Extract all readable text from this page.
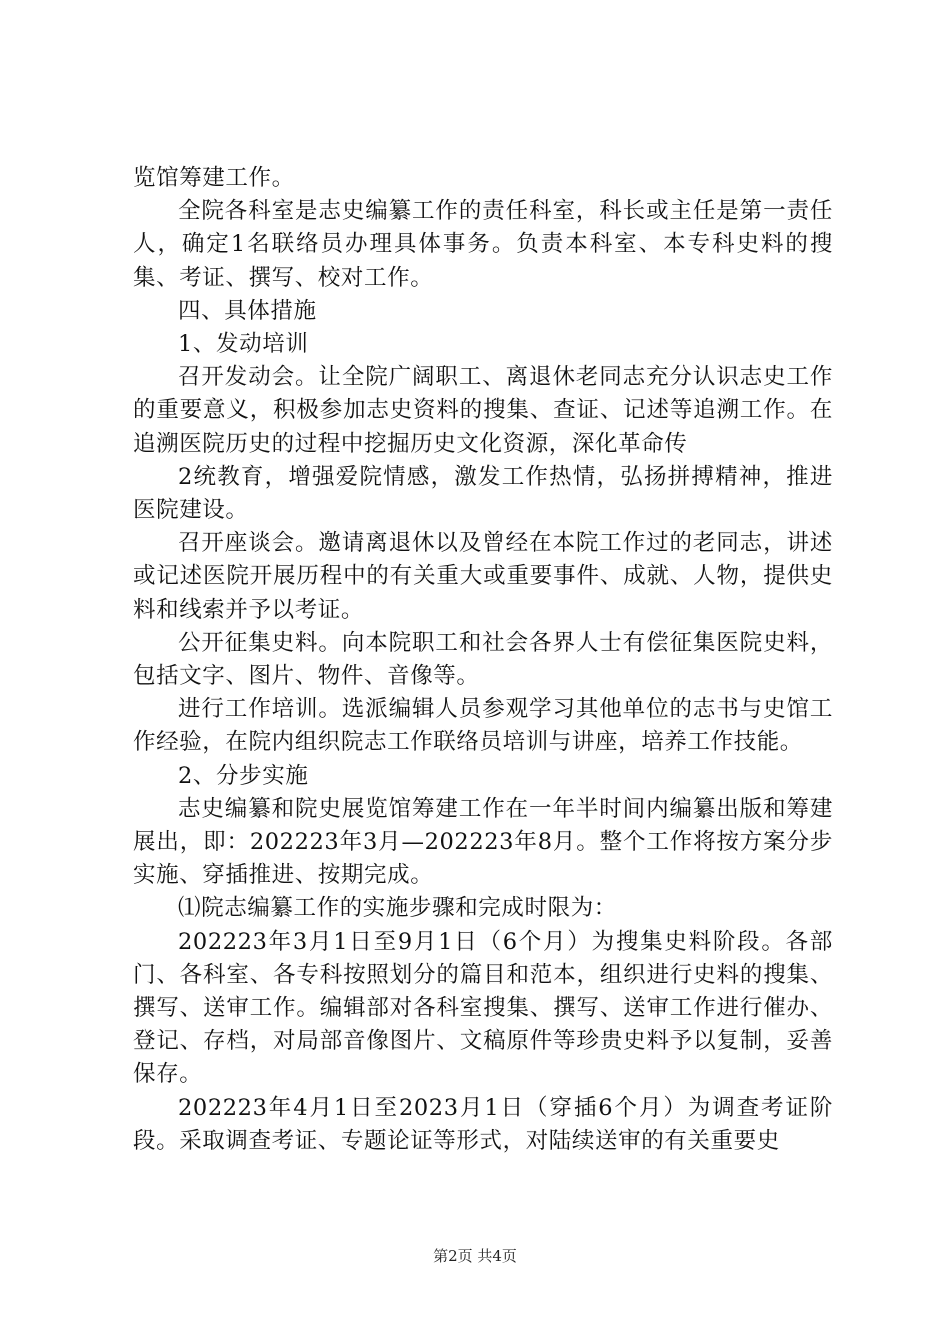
览馆筹建工作。

全院各科室是志史编纂工作的责任科室，科长或主任是第一责任人，确定1名联络员办理具体事务。负责本科室、本专科史料的搜集、考证、撰写、校对工作。

四、具体措施

1、发动培训

召开发动会。让全院广阔职工、离退休老同志充分认识志史工作的重要意义，积极参加志史资料的搜集、查证、记述等追溯工作。在追溯医院历史的过程中挖掘历史文化资源，深化革命传

2统教育，增强爱院情感，激发工作热情，弘扬拼搏精神，推进医院建设。

召开座谈会。邀请离退休以及曾经在本院工作过的老同志，讲述或记述医院开展历程中的有关重大或重要事件、成就、人物，提供史料和线索并予以考证。

公开征集史料。向本院职工和社会各界人士有偿征集医院史料，包括文字、图片、物件、音像等。

进行工作培训。选派编辑人员参观学习其他单位的志书与史馆工作经验，在院内组织院志工作联络员培训与讲座，培养工作技能。

2、分步实施

志史编纂和院史展览馆筹建工作在一年半时间内编纂出版和筹建展出，即：202223年3月—202223年8月。整个工作将按方案分步实施、穿插推进、按期完成。

⑴院志编纂工作的实施步骤和完成时限为：

202223年3月1日至9月1日（6个月）为搜集史料阶段。各部门、各科室、各专科按照划分的篇目和范本，组织进行史料的搜集、撰写、送审工作。编辑部对各科室搜集、撰写、送审工作进行催办、登记、存档，对局部音像图片、文稿原件等珍贵史料予以复制，妥善保存。

202223年4月1日至2023月1日（穿插6个月）为调查考证阶段。采取调查考证、专题论证等形式，对陆续送审的有关重要史

第2页 共4页
